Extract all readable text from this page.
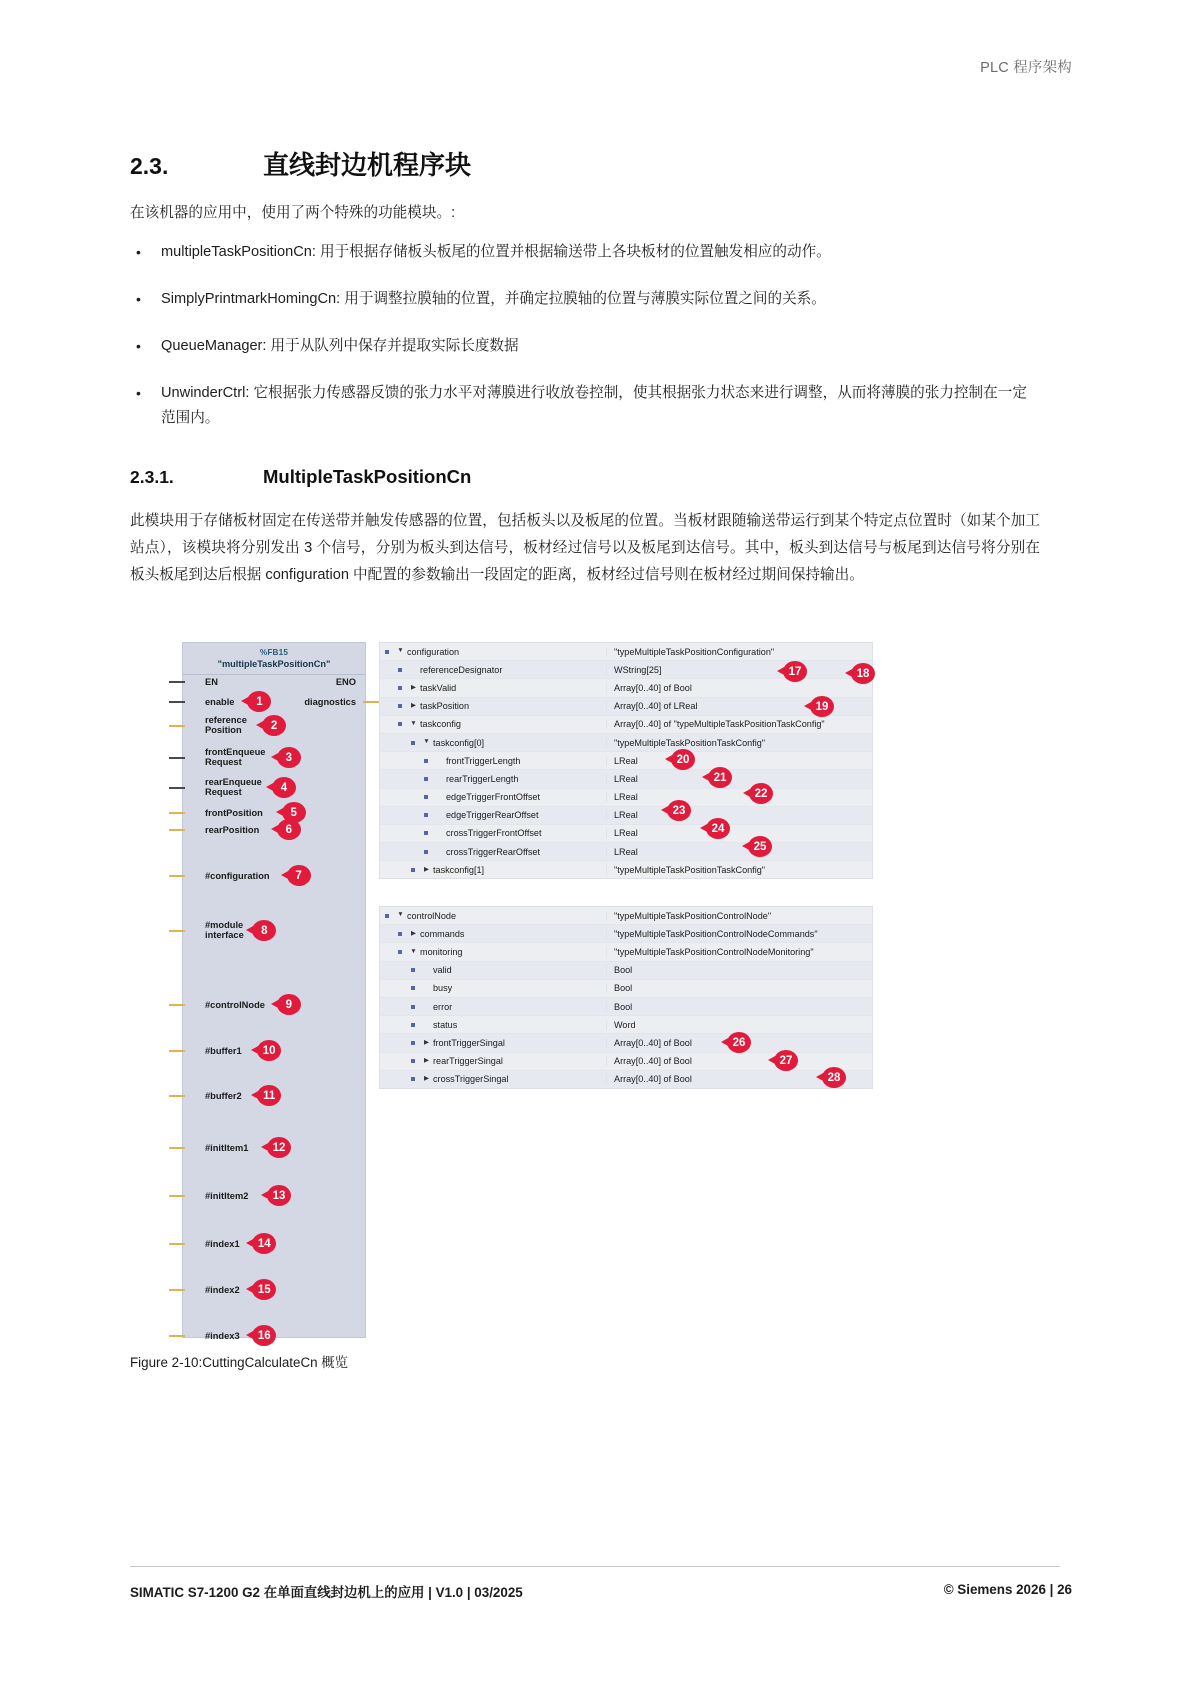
PLC 程序架构
2.3.	直线封边机程序块
在该机器的应用中，使用了两个特殊的功能模块。:
• multipleTaskPositionCn: 用于根据存储板头板尾的位置并根据输送带上各块板材的位置触发相应的动作。
• SimplyPrintmarkHomingCn: 用于调整拉膜轴的位置，并确定拉膜轴的位置与薄膜实际位置之间的关系。
• QueueManager: 用于从队列中保存并提取实际长度数据
• UnwinderCtrl: 它根据张力传感器反馈的张力水平对薄膜进行收放卷控制，使其根据张力状态来进行调整，从而将薄膜的张力控制在一定范围内。
2.3.1.	MultipleTaskPositionCn
此模块用于存储板材固定在传送带并触发传感器的位置，包括板头以及板尾的位置。当板材跟随输送带运行到某个特定点位置时（如某个加工站点），该模块将分别发出 3 个信号，分别为板头到达信号，板材经过信号以及板尾到达信号。其中，板头到达信号与板尾到达信号将分别在板头板尾到达后根据 configuration 中配置的参数输出一段固定的距离，板材经过信号则在板材经过期间保持输出。
%FB15
"multipleTaskPositionCn"
EN	ENO
enable
reference
Position
frontEnqueue
Request
rearEnqueue
Request
frontPosition
rearPosition
#configuration
#module
interface
#controlNode
#buffer1
#buffer2
#initItem1
#initItem2
#index1
#index2
#index3
diagnostics
▼ configuration	"typeMultipleTaskPositionConfiguration"
referenceDesignator	WString[25]
▶ taskValid	Array[0..40] of Bool
▶ taskPosition	Array[0..40] of LReal
▼ taskconfig	Array[0..40] of "typeMultipleTaskPositionTaskConfig"
▼ taskconfig[0]	"typeMultipleTaskPositionTaskConfig"
frontTriggerLength	LReal
rearTriggerLength	LReal
edgeTriggerFrontOffset	LReal
edgeTriggerRearOffset	LReal
crossTriggerFrontOffset	LReal
crossTriggerRearOffset	LReal
▶ taskconfig[1]	"typeMultipleTaskPositionTaskConfig"
▼ controlNode	"typeMultipleTaskPositionControlNode"
▶ commands	"typeMultipleTaskPositionControlNodeCommands"
▼ monitoring	"typeMultipleTaskPositionControlNodeMonitoring"
valid	Bool
busy	Bool
error	Bool
status	Word
▶ frontTriggerSingal	Array[0..40] of Bool
▶ rearTriggerSingal	Array[0..40] of Bool
▶ crossTriggerSingal	Array[0..40] of Bool
17	18
19
20
21
22
23
24
25
26
27
28
1
2
3
4
5
6
7
8
9
10
11
12
13
14
15
16
Figure 2-10:CuttingCalculateCn 概览
SIMATIC S7-1200 G2 在单面直线封边机上的应用 | V1.0 | 03/2025	© Siemens 2026 | 26
